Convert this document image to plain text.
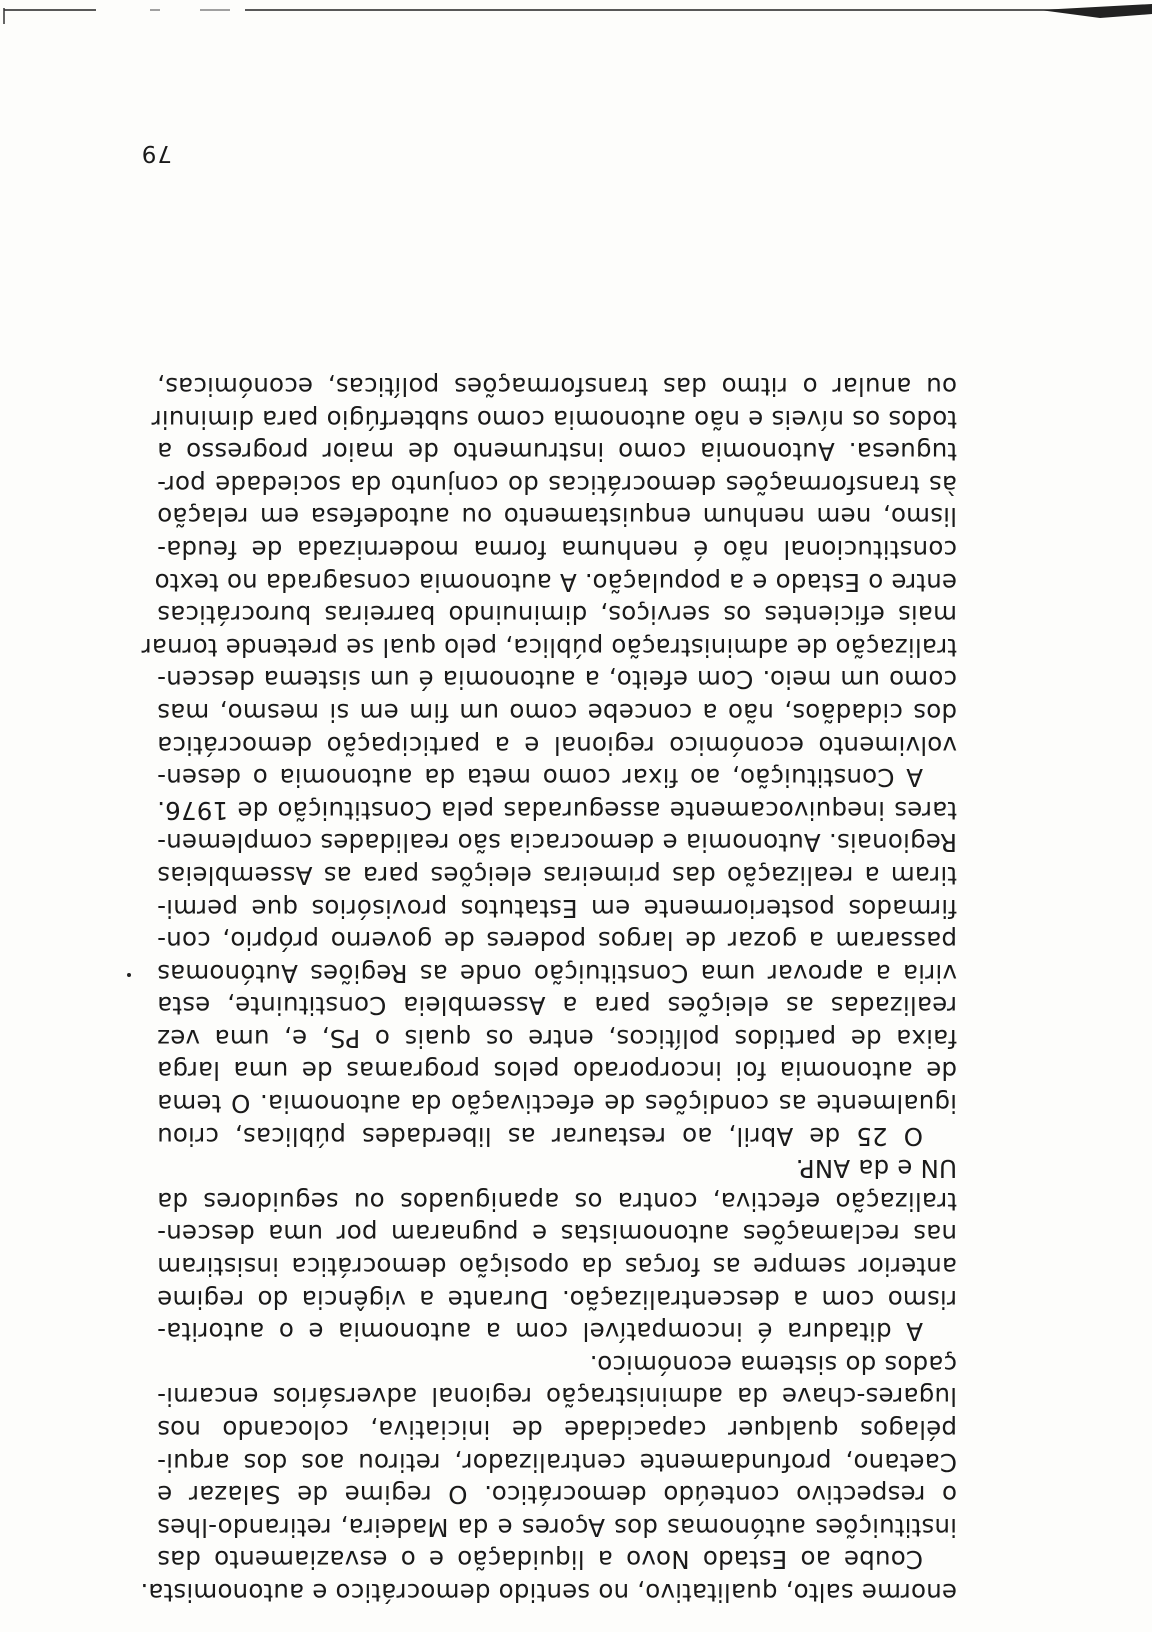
enorme salto, qualitativo, no sentido democrático e autonomista.
Coube ao Estado Novo a liquidação e o esvaziamento das
instituições autónomas dos Açores e da Madeira, retirando-lhes
o respectivo conteúdo democrático. O regime de Salazar e
Caetano, profundamente centralizador, retirou aos dos arqui-
pélagos qualquer capacidade de iniciativa, colocando nos
lugares-chave da administração regional adversários encarni-
çados do sistema económico.
A ditadura é incompatível com a autonomia e o autorita-
rismo com a descentralização. Durante a vigência do regime
anterior sempre as forças da oposição democrática insistiram
nas reclamações autonomistas e pugnaram por uma descen-
tralização efectiva, contra os apaniguados ou seguidores da
UN e da ANP.
O 25 de Abril, ao restaurar as liberdades públicas, criou
igualmente as condições de efectivação da autonomia. O tema
de autonomia foi incorporado pelos programas de uma larga
faixa de partidos políticos, entre os quais o PS, e, uma vez
realizadas as eleições para a Assembleia Constituinte, esta
viria a aprovar uma Constituição onde as Regiões Autónomas
passaram a gozar de largos poderes de governo próprio, con-
firmados posteriormente em Estatutos provisórios que permi-
tiram a realização das primeiras eleições para as Assembleias
Regionais. Autonomia e democracia são realidades complemen-
tares inequivocamente asseguradas pela Constituição de 1976.
A Constituição, ao fixar como meta da autonomia o desen-
volvimento económico regional e a participação democrática
dos cidadãos, não a concebe como um fim em si mesmo, mas
como um meio. Com efeito, a autonomia é um sistema descen-
tralização de administração pública, pelo qual se pretende tornar
mais eficientes os serviços, diminuindo barreiras burocráticas
entre o Estado e a população. A autonomia consagrada no texto
constitucional não é nenhuma forma modernizada de feuda-
lismo, nem nenhum enquistamento ou autodefesa em relação
às transformações democráticas do conjunto da sociedade por-
tuguesa. Autonomia como instrumento de maior progresso a
todos os níveis e não autonomia como subterfúgio para diminuir
ou anular o ritmo das transformações políticas, económicas,
79
